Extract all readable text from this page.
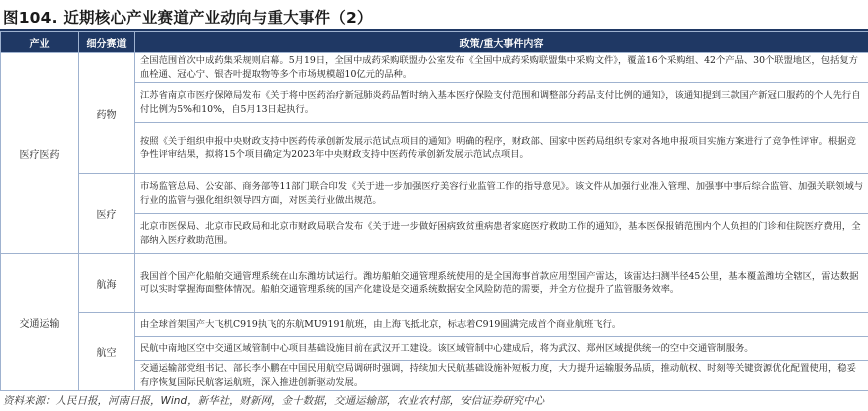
图104. 近期核心产业赛道产业动向与重大事件（2）
产业	细分赛道	政策/重大事件内容
医疗医药	药物	全国范围首次中成药集采规则启幕。5月19日，全国中成药采购联盟办公室发布《全国中成药采购联盟集中采购文件》，覆盖16个采购组、42个产品、30个联盟地区，包括复方血栓通、冠心宁、银杏叶提取物等多个市场规模超10亿元的品种。

		江苏省南京市医疗保障局发布《关于将中医药治疗新冠肺炎药品暂时纳入基本医疗保险支付范围和调整部分药品支付比例的通知》，该通知提到三款国产新冠口服药的个人先行自付比例为5%和10%，自5月13日起执行。

		按照《关于组织申报中央财政支持中医药传承创新发展示范试点项目的通知》明确的程序，财政部、国家中医药局组织专家对各地申报项目实施方案进行了竞争性评审。根据竞争性评审结果，拟将15个项目确定为2023年中央财政支持中医药传承创新发展示范试点项目。

	医疗	市场监管总局、公安部、商务部等11部门联合印发《关于进一步加强医疗美容行业监管工作的指导意见》。该文件从加强行业准入管理、加强事中事后综合监管、加强关联领域与行业的监管与强化组织领导四方面，对医美行业做出规范。

		北京市医保局、北京市民政局和北京市财政局联合发布《关于进一步做好困病致贫重病患者家庭医疗救助工作的通知》，基本医保报销范围内个人负担的门诊和住院医疗费用，全部纳入医疗救助范围。

交通运输	航海	我国首个国产化船舶交通管理系统在山东潍坊试运行。潍坊船舶交通管理系统使用的是全国海事首款应用型国产雷达，该雷达扫测半径45公里，基本覆盖潍坊全辖区，雷达数据可以实时掌握海面整体情况。船舶交通管理系统的国产化建设是交通系统数据安全风险防范的需要，并全方位提升了监管服务效率。

	航空	由全球首架国产大飞机C919执飞的东航MU9191航班，由上海飞抵北京，标志着C919圆满完成首个商业航班飞行。

		民航中南地区空中交通区域管制中心项目基础设施目前在武汉开工建设。该区域管制中心建成后，将为武汉、郑州区域提供统一的空中交通管制服务。

		交通运输部党组书记、部长李小鹏在中国民用航空局调研时强调，持续加大民航基础设施补短板力度，大力提升运输服务品质，推动航权、时刻等关键资源优化配置使用，稳妥有序恢复国际民航客运航班，深入推进创新驱动发展。
资料来源：人民日报，河南日报，Wind，新华社，财新网，金十数据，交通运输部，农业农村部，安信证券研究中心
